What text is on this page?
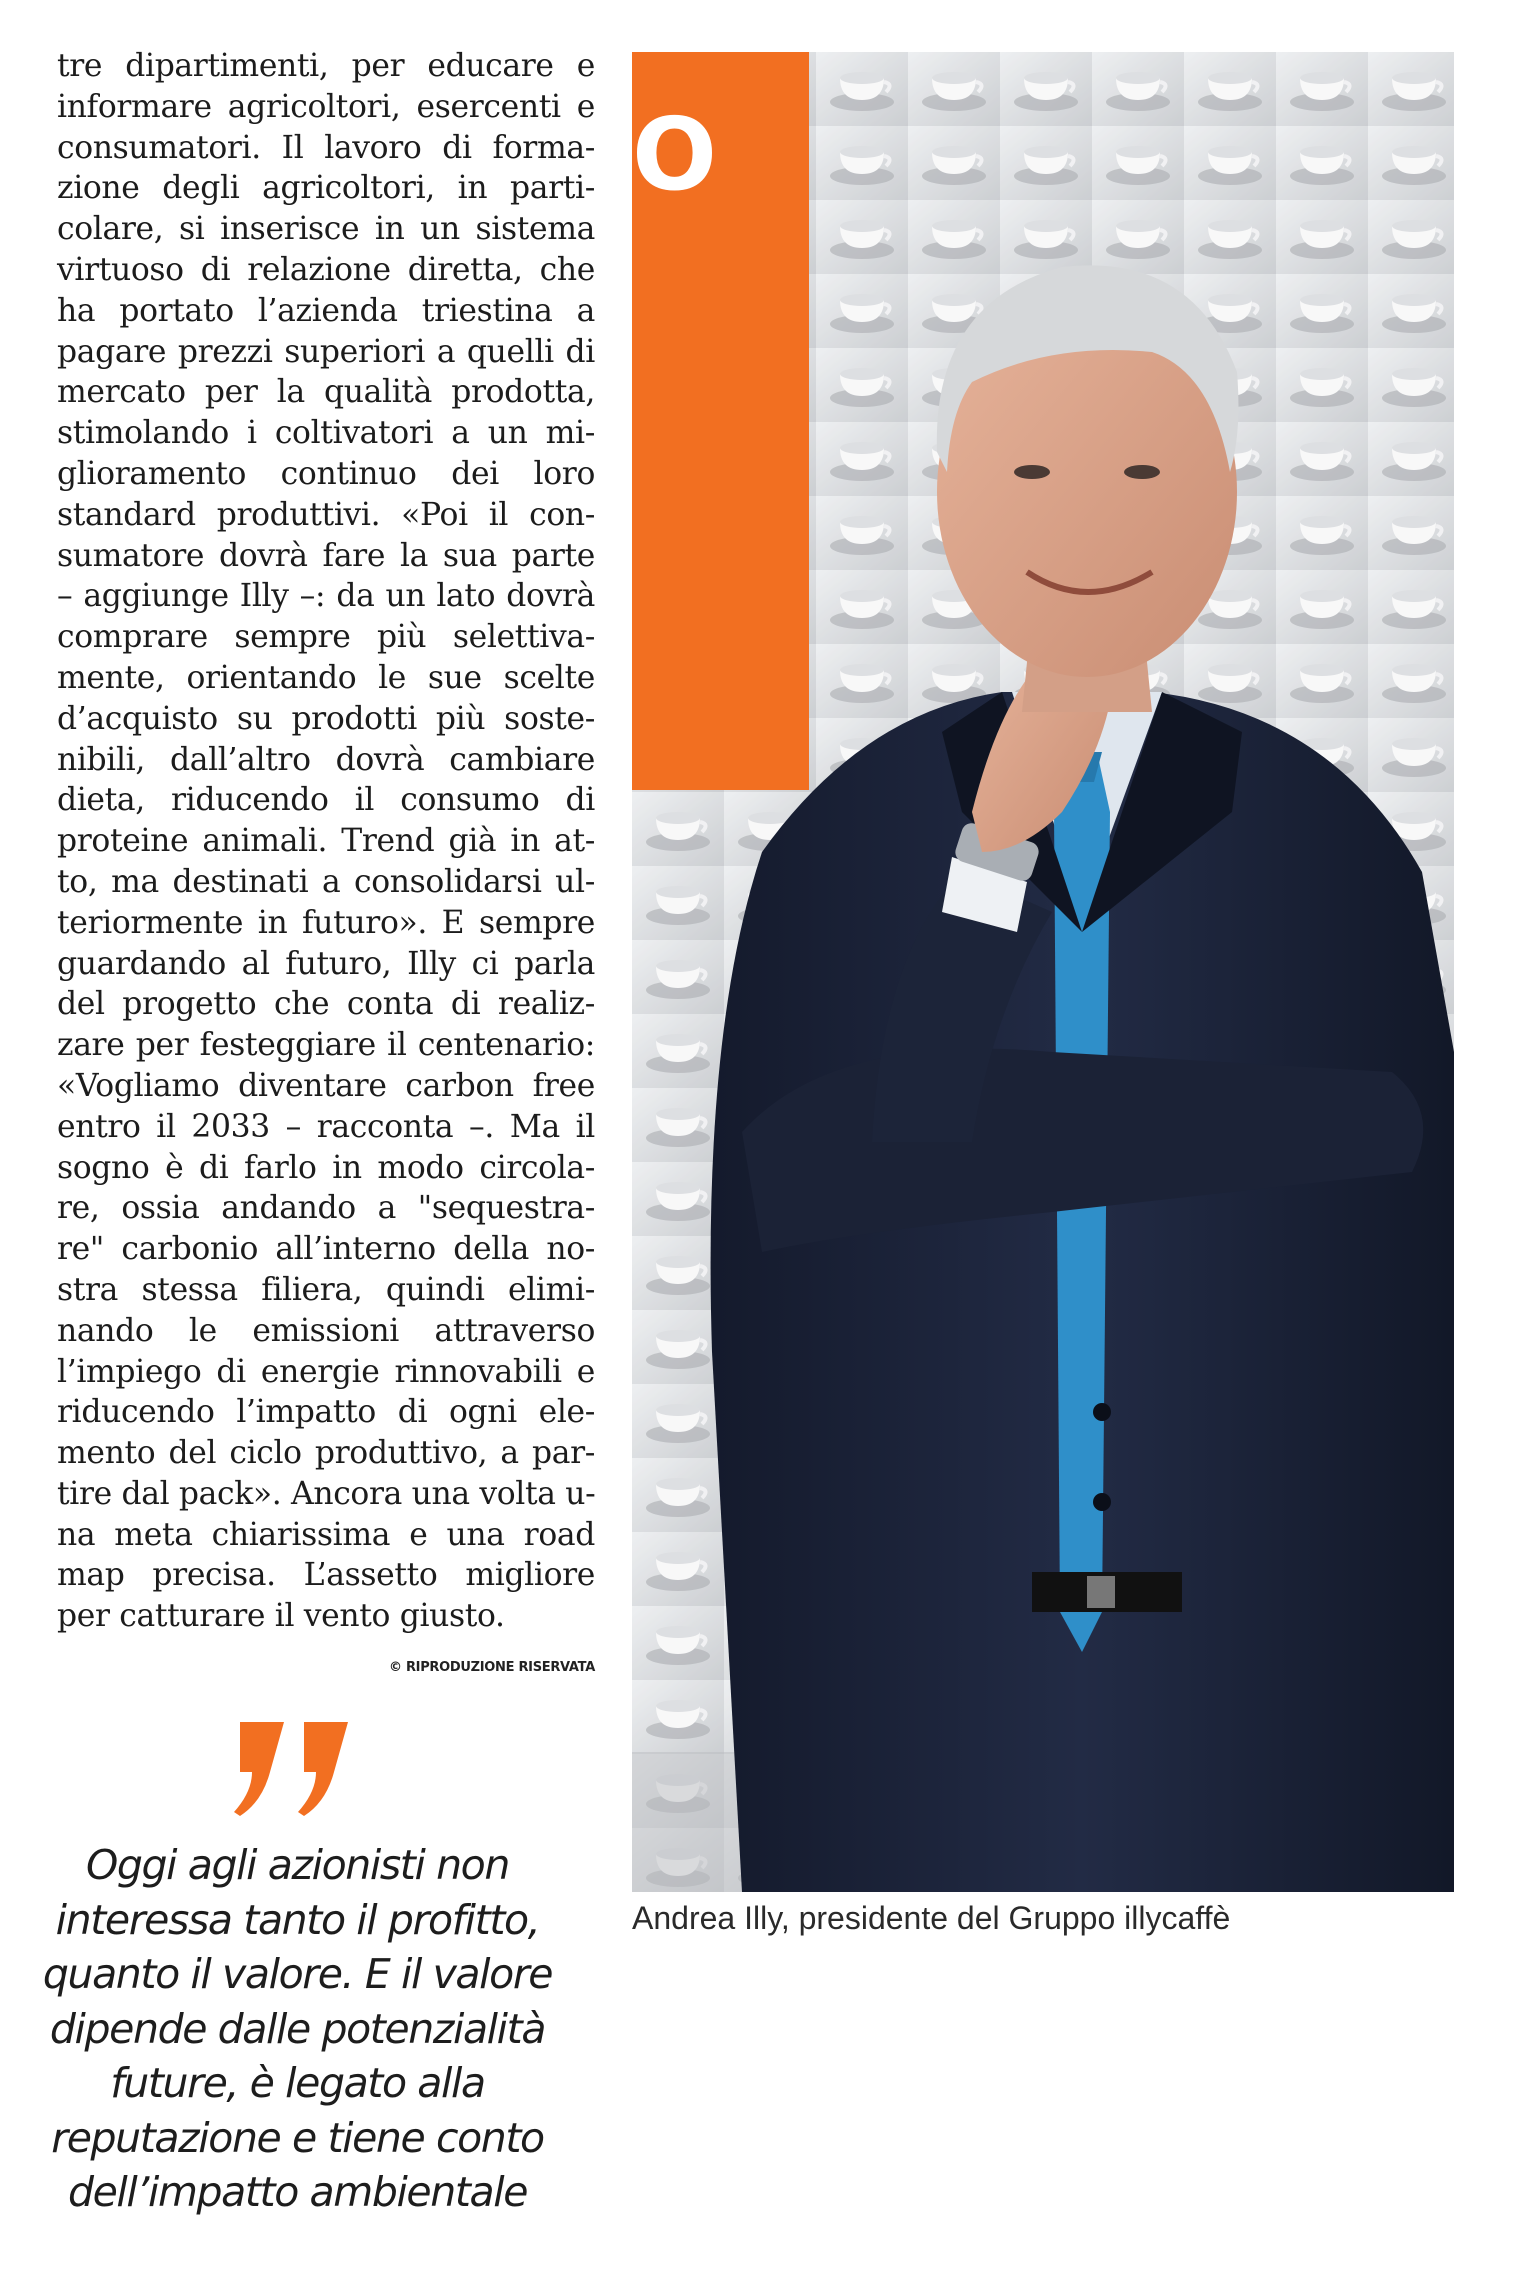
tre dipartimenti, per educare e
informare agricoltori, esercenti e
consumatori. Il lavoro di forma-
zione degli agricoltori, in parti-
colare, si inserisce in un sistema
virtuoso di relazione diretta, che
ha portato l’azienda triestina a
pagare prezzi superiori a quelli di
mercato per la qualità prodotta,
stimolando i coltivatori a un mi-
glioramento continuo dei loro
standard produttivi. «Poi il con-
sumatore dovrà fare la sua parte
– aggiunge Illy –: da un lato dovrà
comprare sempre più selettiva-
mente, orientando le sue scelte
d’acquisto su prodotti più soste-
nibili, dall’altro dovrà cambiare
dieta, riducendo il consumo di
proteine animali. Trend già in at-
to, ma destinati a consolidarsi ul-
teriormente in futuro». E sempre
guardando al futuro, Illy ci parla
del progetto che conta di realiz-
zare per festeggiare il centenario:
«Vogliamo diventare carbon free
entro il 2033 – racconta –. Ma il
sogno è di farlo in modo circola-
re, ossia andando a "sequestra-
re" carbonio all’interno della no-
stra stessa filiera, quindi elimi-
nando le emissioni attraverso
l’impiego di energie rinnovabili e
riducendo l’impatto di ogni ele-
mento del ciclo produttivo, a par-
tire dal pack». Ancora una volta u-
na meta chiarissima e una road
map precisa. L’assetto migliore
per catturare il vento giusto.
© RIPRODUZIONE RISERVATA
Oggi agli azionisti non
interessa tanto il profitto,
quanto il valore. E il valore
dipende dalle potenzialità
future, è legato alla
reputazione e tiene conto
dell’impatto ambientale
O
Andrea Illy, presidente del Gruppo illycaffè
